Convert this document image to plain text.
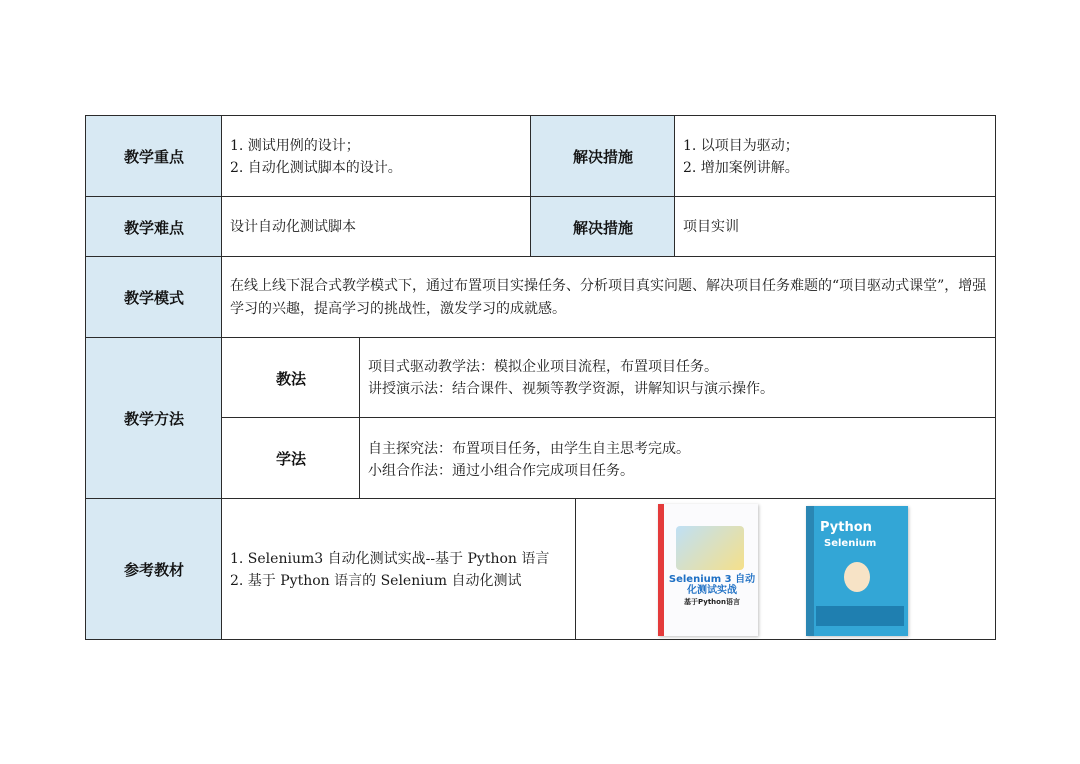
教学重点
教学难点
教学模式
教学方法
参考教材
解决措施
解决措施
1. 测试用例的设计；
2. 自动化测试脚本的设计。
1. 以项目为驱动；
2. 增加案例讲解。
设计自动化测试脚本	项目实训
在线上线下混合式教学模式下，通过布置项目实操任务、分析项目真实问题、解决项目任务难题的“项目驱动式课堂”，增强学习的兴趣，提高学习的挑战性，激发学习的成就感。
教法
项目式驱动教学法：模拟企业项目流程，布置项目任务。
讲授演示法：结合课件、视频等教学资源，讲解知识与演示操作。
学法
自主探究法：布置项目任务，由学生自主思考完成。
小组合作法：通过小组合作完成项目任务。
1. Selenium3 自动化测试实战--基于 Python 语言
2. 基于 Python 语言的 Selenium 自动化测试	Selenium 3 自动化测试实战
基于Python语言
Python
Selenium
